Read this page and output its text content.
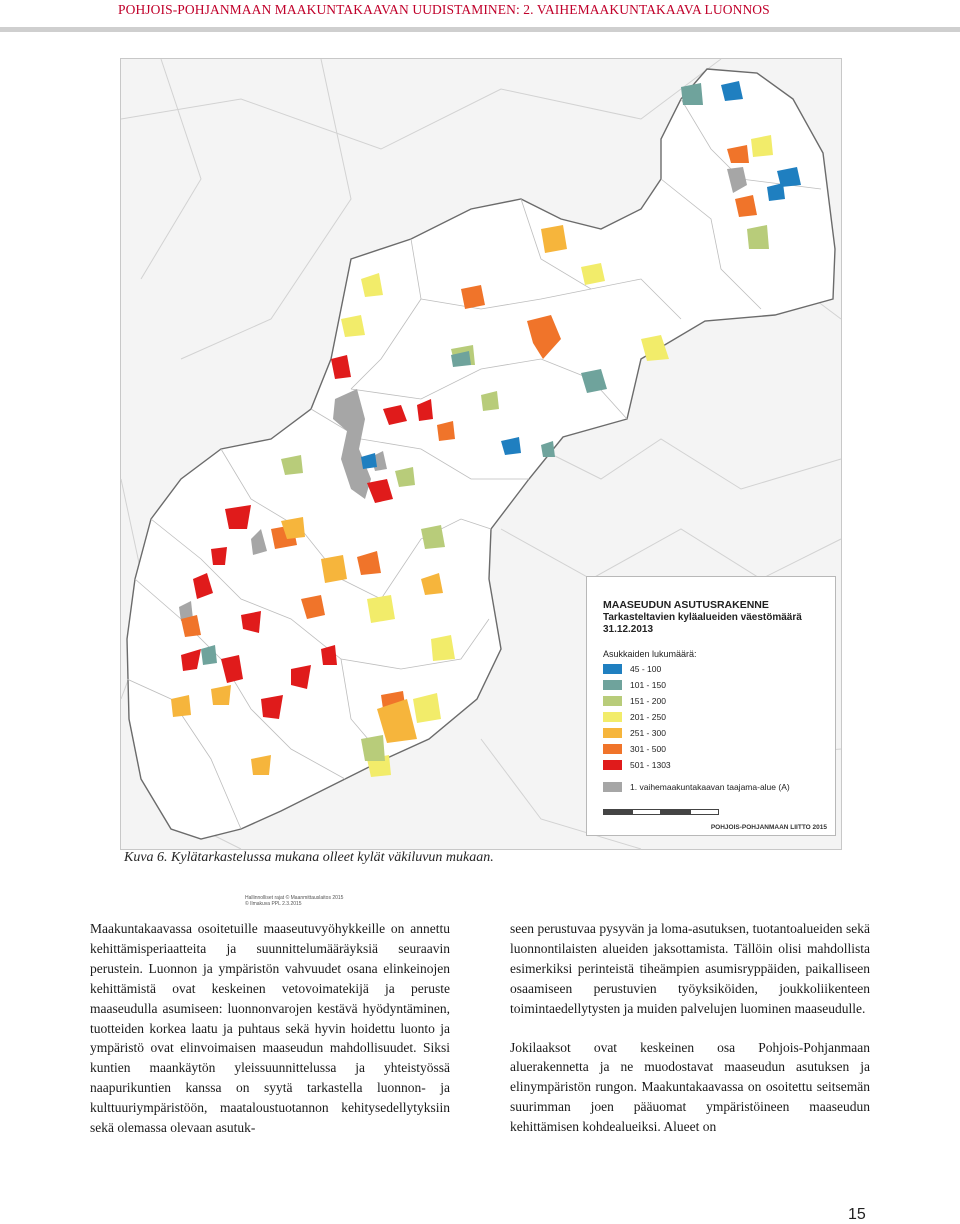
POHJOIS-POHJANMAAN MAAKUNTAKAAVAN UUDISTAMINEN: 2. VAIHEMAAKUNTAKAAVA LUONNOS
Hallinnolliset rajat © Maanmittauslaitos 2015
© Ilmakuva PPL 2.3.2015
MAASEUDUN ASUTUSRAKENNE
Tarkasteltavien kyläalueiden väestömäärä 31.12.2013
Asukkaiden lukumäärä:
45 - 100
101 - 150
151 - 200
201 - 250
251 - 300
301 - 500
501 - 1303
1. vaihemaakuntakaavan taajama-alue (A)
POHJOIS-POHJANMAAN LIITTO 2015
Kuva 6. Kylätarkastelussa mukana olleet kylät väkiluvun mukaan.

Maakuntakaavassa osoitetuille maaseutuvyöhykkeille on annettu kehittämisperiaatteita ja suunnittelumääräyksiä seuraavin perustein. Luonnon ja ympäristön vahvuudet osana elinkeinojen kehittämistä ovat keskeinen vetovoimatekijä ja peruste maaseudulla asumiseen: luonnonvarojen kestävä hyödyntäminen, tuotteiden korkea laatu ja puhtaus sekä hyvin hoidettu luonto ja ympäristö ovat elinvoimaisen maaseudun mahdollisuudet. Siksi kuntien maankäytön yleissuunnittelussa ja yhteistyössä naapurikuntien kanssa on syytä tarkastella luonnon- ja kulttuuriympäristöön, maataloustuotannon kehitysedellytyksiin sekä olemassa olevaan asutuk-

seen perustuvaa pysyvän ja loma-asutuksen, tuotantoalueiden sekä luonnontilaisten alueiden jaksottamista. Tällöin olisi mahdollista esimerkiksi perinteistä tiheämpien asumisryppäiden, paikalliseen osaamiseen perustuvien työyksiköiden, joukkoliikenteen toimintaedellytysten ja muiden palvelujen luominen maaseudulle.

Jokilaaksot ovat keskeinen osa Pohjois-Pohjanmaan aluerakennetta ja ne muodostavat maaseudun asutuksen ja elinympäristön rungon. Maakuntakaavassa on osoitettu seitsemän suurimman joen pääuomat ympäristöineen maaseudun kehittämisen kohdealueiksi. Alueet on

15
